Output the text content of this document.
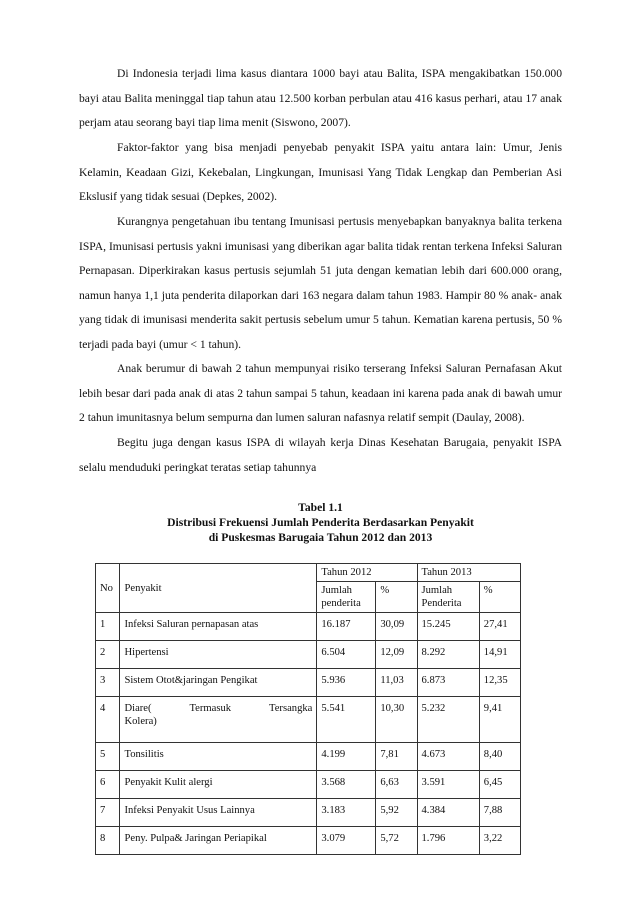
Di Indonesia terjadi lima kasus diantara 1000 bayi atau Balita, ISPA mengakibatkan 150.000 bayi atau Balita meninggal tiap tahun atau 12.500 korban perbulan atau 416 kasus perhari, atau 17 anak perjam atau seorang bayi tiap lima menit (Siswono, 2007).

Faktor-faktor yang bisa menjadi penyebab penyakit ISPA yaitu antara lain: Umur, Jenis Kelamin, Keadaan Gizi, Kekebalan, Lingkungan, Imunisasi Yang Tidak Lengkap dan Pemberian Asi Ekslusif yang tidak sesuai (Depkes, 2002).

Kurangnya pengetahuan ibu tentang Imunisasi pertusis menyebapkan banyaknya balita terkena ISPA, Imunisasi pertusis yakni imunisasi yang diberikan agar balita tidak rentan terkena Infeksi Saluran Pernapasan. Diperkirakan kasus pertusis sejumlah 51 juta dengan kematian lebih dari 600.000 orang, namun hanya 1,1 juta penderita dilaporkan dari 163 negara dalam tahun 1983. Hampir 80 % anak- anak yang tidak di imunisasi menderita sakit pertusis sebelum umur 5 tahun. Kematian karena pertusis, 50 % terjadi pada bayi (umur < 1 tahun).

Anak berumur di bawah 2 tahun mempunyai risiko terserang Infeksi Saluran Pernafasan Akut lebih besar dari pada anak di atas 2 tahun sampai 5 tahun, keadaan ini karena pada anak di bawah umur 2 tahun imunitasnya belum sempurna dan lumen saluran nafasnya relatif sempit (Daulay, 2008).

Begitu juga dengan kasus ISPA di wilayah kerja Dinas Kesehatan Barugaia, penyakit ISPA selalu menduduki peringkat teratas setiap tahunnya

Tabel 1.1
Distribusi Frekuensi Jumlah Penderita Berdasarkan Penyakit
di Puskesmas Barugaia Tahun 2012 dan 2013
No	Penyakit	Tahun 2012		Tahun 2013	
		Jumlah penderita	%	Jumlah Penderita	%
1	Infeksi Saluran pernapasan atas	16.187	30,09	15.245	27,41
2	Hipertensi	6.504	12,09	8.292	14,91
3	Sistem Otot&jaringan Pengikat	5.936	11,03	6.873	12,35
4	Diare( Termasuk Tersangka
Kolera)	5.541	10,30	5.232	9,41
5	Tonsilitis	4.199	7,81	4.673	8,40
6	Penyakit Kulit alergi	3.568	6,63	3.591	6,45
7	Infeksi Penyakit Usus Lainnya	3.183	5,92	4.384	7,88
8	Peny. Pulpa& Jaringan Periapikal	3.079	5,72	1.796	3,22
